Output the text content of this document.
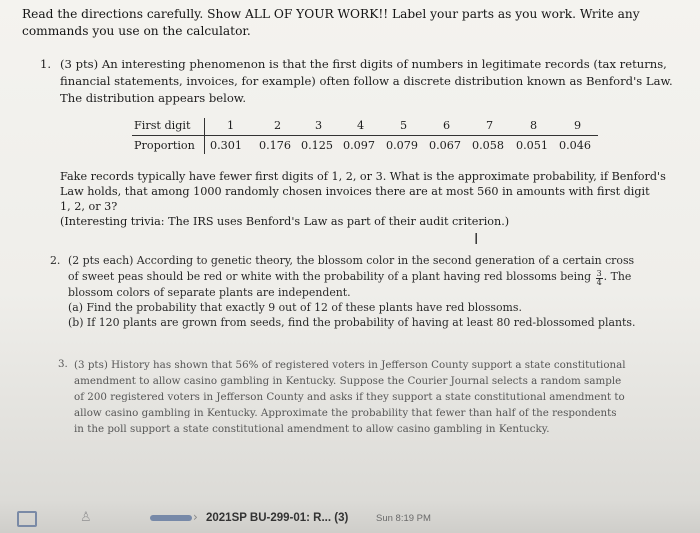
Read the directions carefully. Show ALL OF YOUR WORK!! Label your parts as you work. Write any
commands you use on the calculator.
1. (3 pts) An interesting phenomenon is that the first digits of numbers in legitimate records (tax returns,
financial statements, invoices, for example) often follow a discrete distribution known as Benford's Law.
The distribution appears below.
First digit	1	2	3	4	5	6	7	8	9
Proportion 0.301 0.176 0.125 0.097 0.079 0.067 0.058 0.051 0.046
Fake records typically have fewer first digits of 1, 2, or 3. What is the approximate probability, if Benford's
Law holds, that among 1000 randomly chosen invoices there are at most 560 in amounts with first digit
1, 2, or 3?
(Interesting trivia: The IRS uses Benford's Law as part of their audit criterion.)
I
2. (2 pts each) According to genetic theory, the blossom color in the second generation of a certain cross
of sweet peas should be red or white with the probability of a plant having red blossoms being $\frac{3}{4}$ . The
blossom colors of separate plants are independent.
(a) Find the probability that exactly 9 out of 12 of these plants have red blossoms.
(b) If 120 plants are grown from seeds, find the probability of having at least 80 red-blossomed plants.
3. (3 pts) History has shown that 56% of registered voters in Jefferson County support a state constitutional
amendment to allow casino gambling in Kentucky. Suppose the Courier Journal selects a random sample
of 200 registered voters in Jefferson County and asks if they support a state constitutional amendment to
allow casino gambling in Kentucky. Approximate the probability that fewer than half of the respondents
in the poll support a state constitutional amendment to allow casino gambling in Kentucky.
♙	› 2021SP BU-299-01: R... (3)	Sun 8:19 PM
